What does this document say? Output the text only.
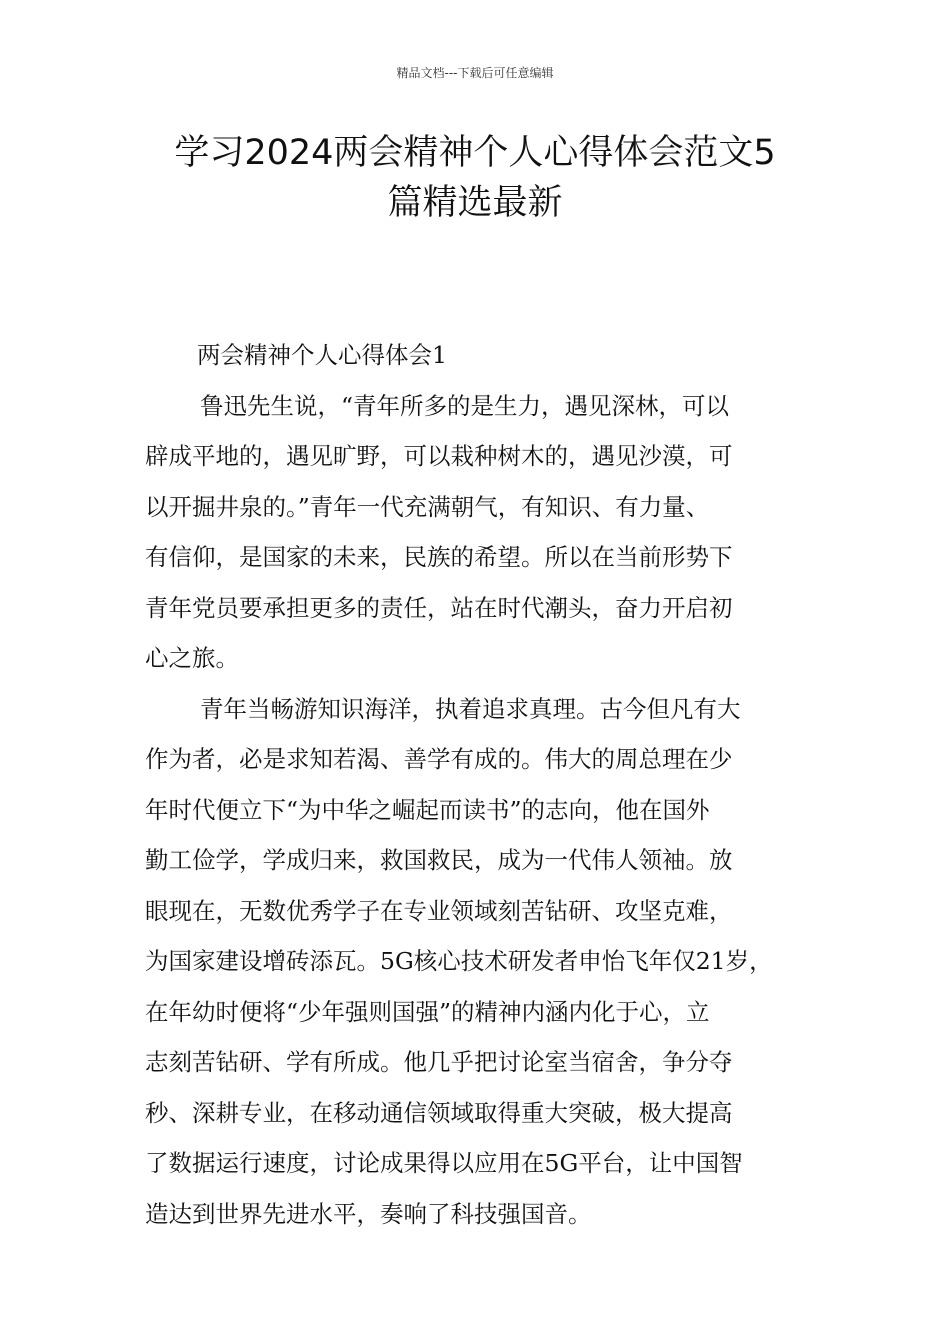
精品文档---下载后可任意编辑
学习2024两会精神个人心得体会范文5
篇精选最新

两会精神个人心得体会1

鲁迅先生说，“青年所多的是生力，遇见深林，可以
辟成平地的，遇见旷野，可以栽种树木的，遇见沙漠，可
以开掘井泉的。”青年一代充满朝气，有知识、有力量、
有信仰，是国家的未来，民族的希望。所以在当前形势下
青年党员要承担更多的责任，站在时代潮头，奋力开启初
心之旅。

青年当畅游知识海洋，执着追求真理。古今但凡有大
作为者，必是求知若渴、善学有成的。伟大的周总理在少
年时代便立下“为中华之崛起而读书”的志向，他在国外
勤工俭学，学成归来，救国救民，成为一代伟人领袖。放
眼现在，无数优秀学子在专业领域刻苦钻研、攻坚克难，
为国家建设增砖添瓦。5G核心技术研发者申怡飞年仅21岁，
在年幼时便将“少年强则国强”的精神内涵内化于心，立
志刻苦钻研、学有所成。他几乎把讨论室当宿舍，争分夺
秒、深耕专业，在移动通信领域取得重大突破，极大提高
了数据运行速度，讨论成果得以应用在5G平台，让中国智
造达到世界先进水平，奏响了科技强国音。
